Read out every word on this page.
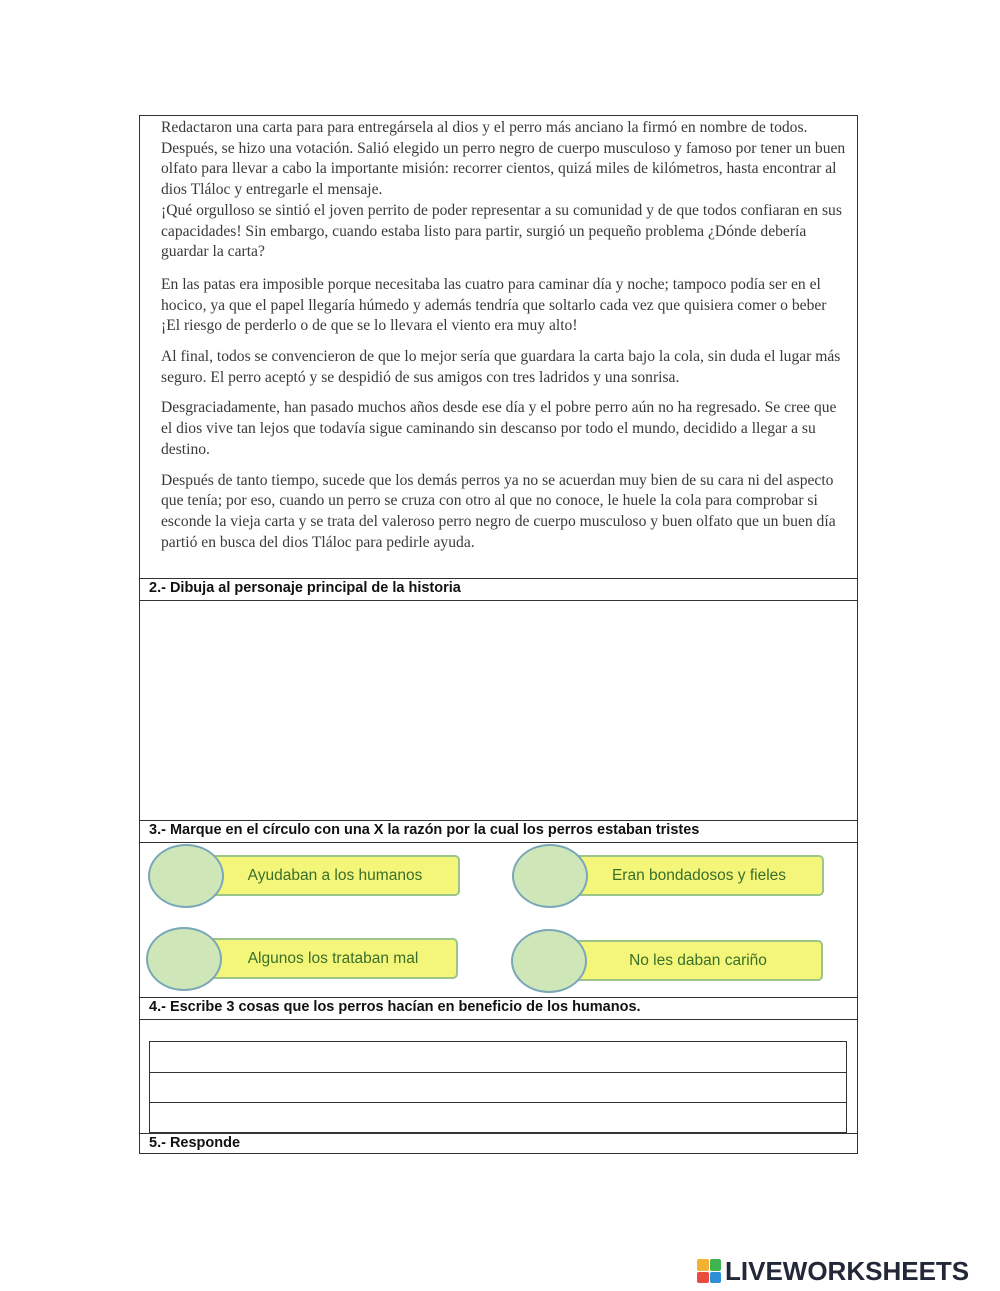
Redactaron una carta para para entregársela al dios y el perro más anciano la firmó en nombre de todos. Después, se hizo una votación. Salió elegido un perro negro de cuerpo musculoso y famoso por tener un buen olfato para llevar a cabo la importante misión: recorrer cientos, quizá miles de kilómetros, hasta encontrar al dios Tláloc y entregarle el mensaje.

¡Qué orgulloso se sintió el joven perrito de poder representar a su comunidad y de que todos confiaran en sus capacidades! Sin embargo, cuando estaba listo para partir, surgió un pequeño problema ¿Dónde debería guardar la carta?

En las patas era imposible porque necesitaba las cuatro para caminar día y noche; tampoco podía ser en el hocico, ya que el papel llegaría húmedo y además tendría que soltarlo cada vez que quisiera comer o beber ¡El riesgo de perderlo o de que se lo llevara el viento era muy alto!

Al final, todos se convencieron de que lo mejor sería que guardara la carta bajo la cola, sin duda el lugar más seguro. El perro aceptó y se despidió de sus amigos con tres ladridos y una sonrisa.

Desgraciadamente, han pasado muchos años desde ese día y el pobre perro aún no ha regresado. Se cree que el dios vive tan lejos que todavía sigue caminando sin descanso por todo el mundo, decidido a llegar a su destino.

Después de tanto tiempo, sucede que los demás perros ya no se acuerdan muy bien de su cara ni del aspecto que tenía; por eso, cuando un perro se cruza con otro al que no conoce, le huele la cola para comprobar si esconde la vieja carta y se trata del valeroso perro negro de cuerpo musculoso y buen olfato que un buen día partió en busca del dios Tláloc para pedirle ayuda.

2.- Dibuja al personaje principal de la historia
3.- Marque en el círculo con una X la razón por la cual los perros estaban tristes
Ayudaban a los humanos	Eran bondadosos y fieles
Algunos los trataban mal	No les daban cariño
4.- Escribe 3 cosas que los perros hacían en beneficio de los humanos.
5.- Responde
LIVEWORKSHEETS
